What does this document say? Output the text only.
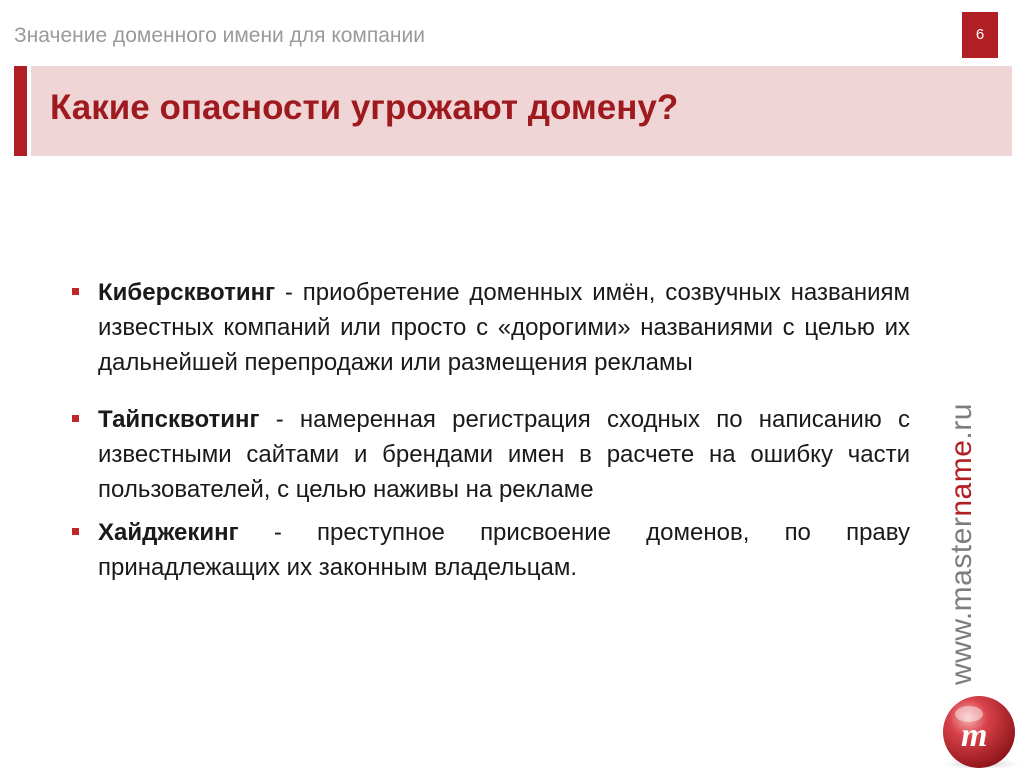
Значение доменного имени для компании	6
Какие опасности угрожают домену?
Киберсквотинг - приобретение доменных имён, созвучных названиям известных компаний или просто с «дорогими» названиями с целью их дальнейшей перепродажи или размещения рекламы
Тайпсквотинг - намеренная регистрация сходных по написанию с известными сайтами и брендами имен в расчете на ошибку части пользователей, с целью наживы на рекламе
Хайджекинг - преступное присвоение доменов, по праву принадлежащих их законным владельцам.	www.mastername.ru
m
